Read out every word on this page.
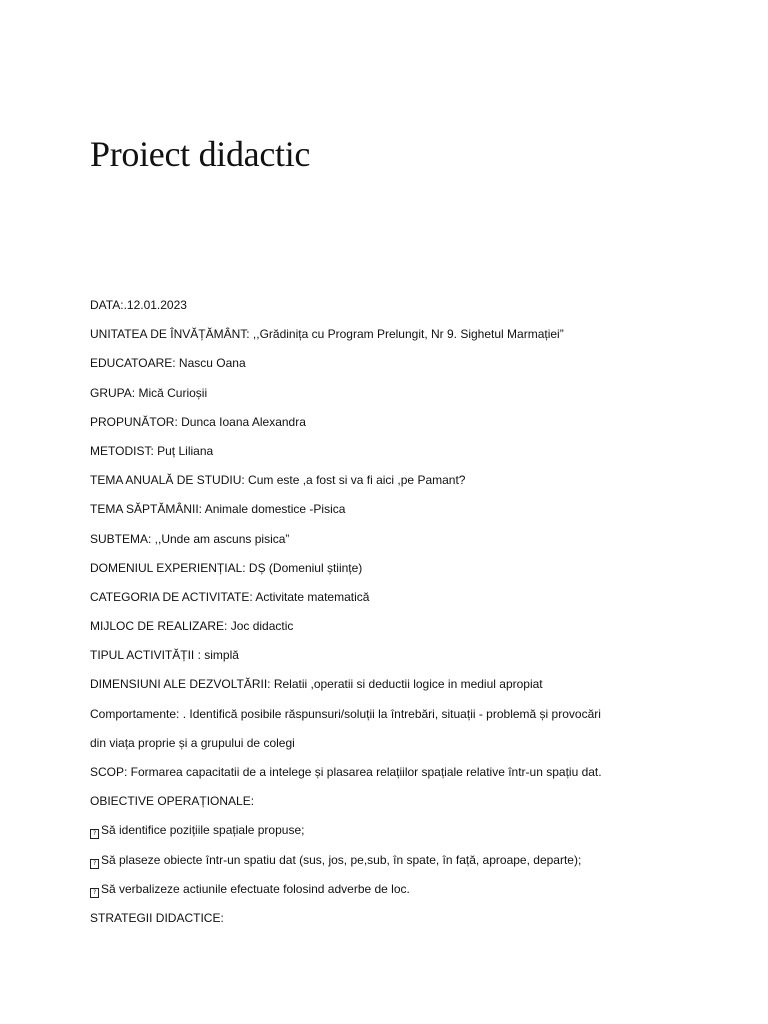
Proiect didactic
DATA:.12.01.2023
UNITATEA DE ÎNVĂȚĂMÂNT: ,,Grădinița cu Program Prelungit, Nr 9. Sighetul Marmației”
EDUCATOARE: Nascu Oana
GRUPA: Mică Curioșii
PROPUNĂTOR: Dunca Ioana Alexandra
METODIST: Puț Liliana
TEMA ANUALĂ DE STUDIU: Cum este ,a fost si va fi aici ,pe Pamant?
TEMA SĂPTĂMÂNII: Animale domestice -Pisica
SUBTEMA: ,,Unde am ascuns pisica”
DOMENIUL EXPERIENȚIAL: DȘ (Domeniul științe)
CATEGORIA DE ACTIVITATE: Activitate matematică
MIJLOC DE REALIZARE: Joc didactic
TIPUL ACTIVITĂȚII : simplă
DIMENSIUNI ALE DEZVOLTĂRII: Relatii ,operatii si deductii logice in mediul apropiat
Comportamente: . Identifică posibile răspunsuri/soluții la întrebări, situații - problemă și provocări
din viața proprie și a grupului de colegi
SCOP: Formarea capacitatii de a intelege și plasarea relațiilor spațiale relative într-un spațiu dat.
OBIECTIVE OPERAȚIONALE:
? Să identifice pozițiile spațiale propuse;
? Să plaseze obiecte într-un spatiu dat (sus, jos, pe,sub, în spate, în față, aproape, departe);
? Să verbalizeze actiunile efectuate folosind adverbe de loc.
STRATEGII DIDACTICE:
